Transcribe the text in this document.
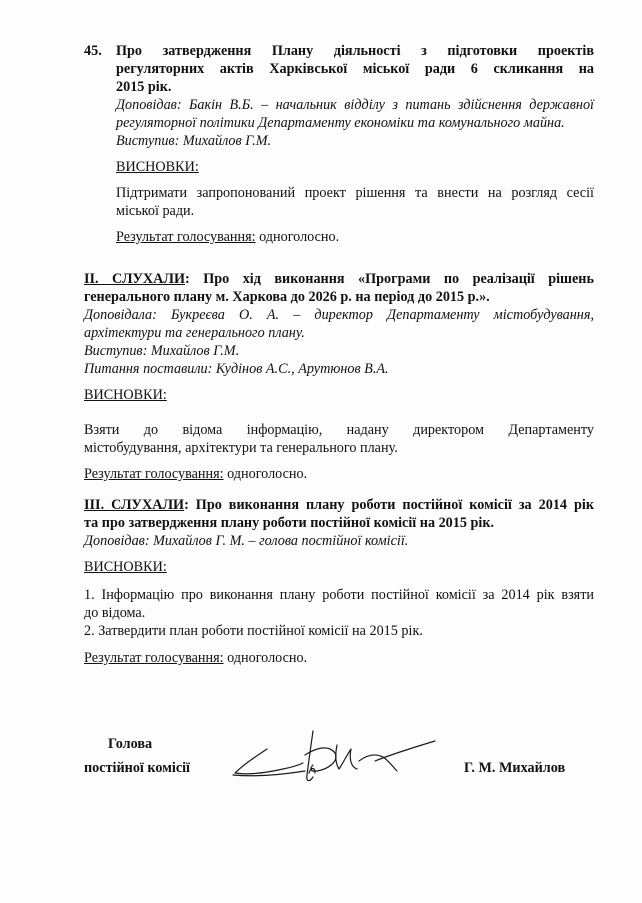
45. Про затвердження Плану діяльності з підготовки проектів
регуляторних актів Харківської міської ради 6 скликання на
2015 рік.
Доповідав: Бакін В.Б. – начальник відділу з питань здійснення державної
регуляторної політики Департаменту економіки та комунального майна.
Виступив: Михайлов Г.М.
ВИСНОВКИ:
Підтримати запропонований проект рішення та внести на розгляд сесії
міської ради.
Результат голосування: одноголосно.
II. СЛУХАЛИ: Про хід виконання «Програми по реалізації рішень
генерального плану м. Харкова до 2026 р. на період до 2015 р.».
Доповідала: Букреєва О. А. – директор Департаменту містобудування,
архітектури та генерального плану.
Виступив: Михайлов Г.М.
Питання поставили: Кудінов А.С., Арутюнов В.А.
ВИСНОВКИ:
Взяти до відома інформацію, надану директором Департаменту
містобудування, архітектури та генерального плану.
Результат голосування: одноголосно.
III. СЛУХАЛИ: Про виконання плану роботи постійної комісії за 2014 рік
та про затвердження плану роботи постійної комісії на 2015 рік.
Доповідав: Михайлов Г. М. – голова постійної комісії.
ВИСНОВКИ:
1. Інформацію про виконання плану роботи постійної комісії за 2014 рік взяти
до відома.
2. Затвердити план роботи постійної комісії на 2015 рік.
Результат голосування: одноголосно.
Голова
постійної комісії	Г. М. Михайлов
